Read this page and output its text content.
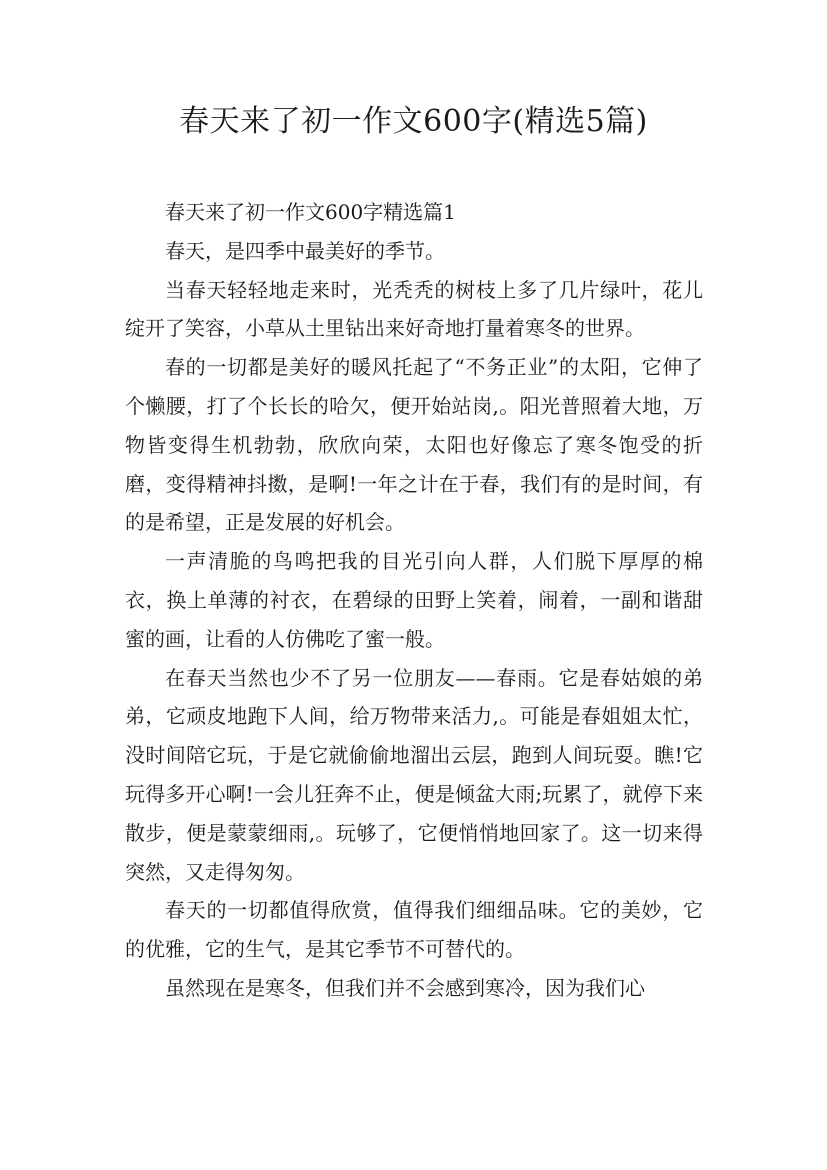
春天来了初一作文600字(精选5篇)

春天来了初一作文600字精选篇1

春天，是四季中最美好的季节。

当春天轻轻地走来时，光秃秃的树枝上多了几片绿叶，花儿绽开了笑容，小草从土里钻出来好奇地打量着寒冬的世界。

春的一切都是美好的暖风托起了“不务正业”的太阳，它伸了个懒腰，打了个长长的哈欠，便开始站岗,。阳光普照着大地，万物皆变得生机勃勃，欣欣向荣，太阳也好像忘了寒冬饱受的折磨，变得精神抖擞，是啊!一年之计在于春，我们有的是时间，有的是希望，正是发展的好机会。

一声清脆的鸟鸣把我的目光引向人群，人们脱下厚厚的棉衣，换上单薄的衬衣，在碧绿的田野上笑着，闹着，一副和谐甜蜜的画，让看的人仿佛吃了蜜一般。

在春天当然也少不了另一位朋友——春雨。它是春姑娘的弟弟，它顽皮地跑下人间，给万物带来活力,。可能是春姐姐太忙，没时间陪它玩，于是它就偷偷地溜出云层，跑到人间玩耍。瞧!它玩得多开心啊!一会儿狂奔不止，便是倾盆大雨;玩累了，就停下来散步，便是蒙蒙细雨,。玩够了，它便悄悄地回家了。这一切来得突然，又走得匆匆。

春天的一切都值得欣赏，值得我们细细品味。它的美妙，它的优雅，它的生气，是其它季节不可替代的。

虽然现在是寒冬，但我们并不会感到寒冷，因为我们心
